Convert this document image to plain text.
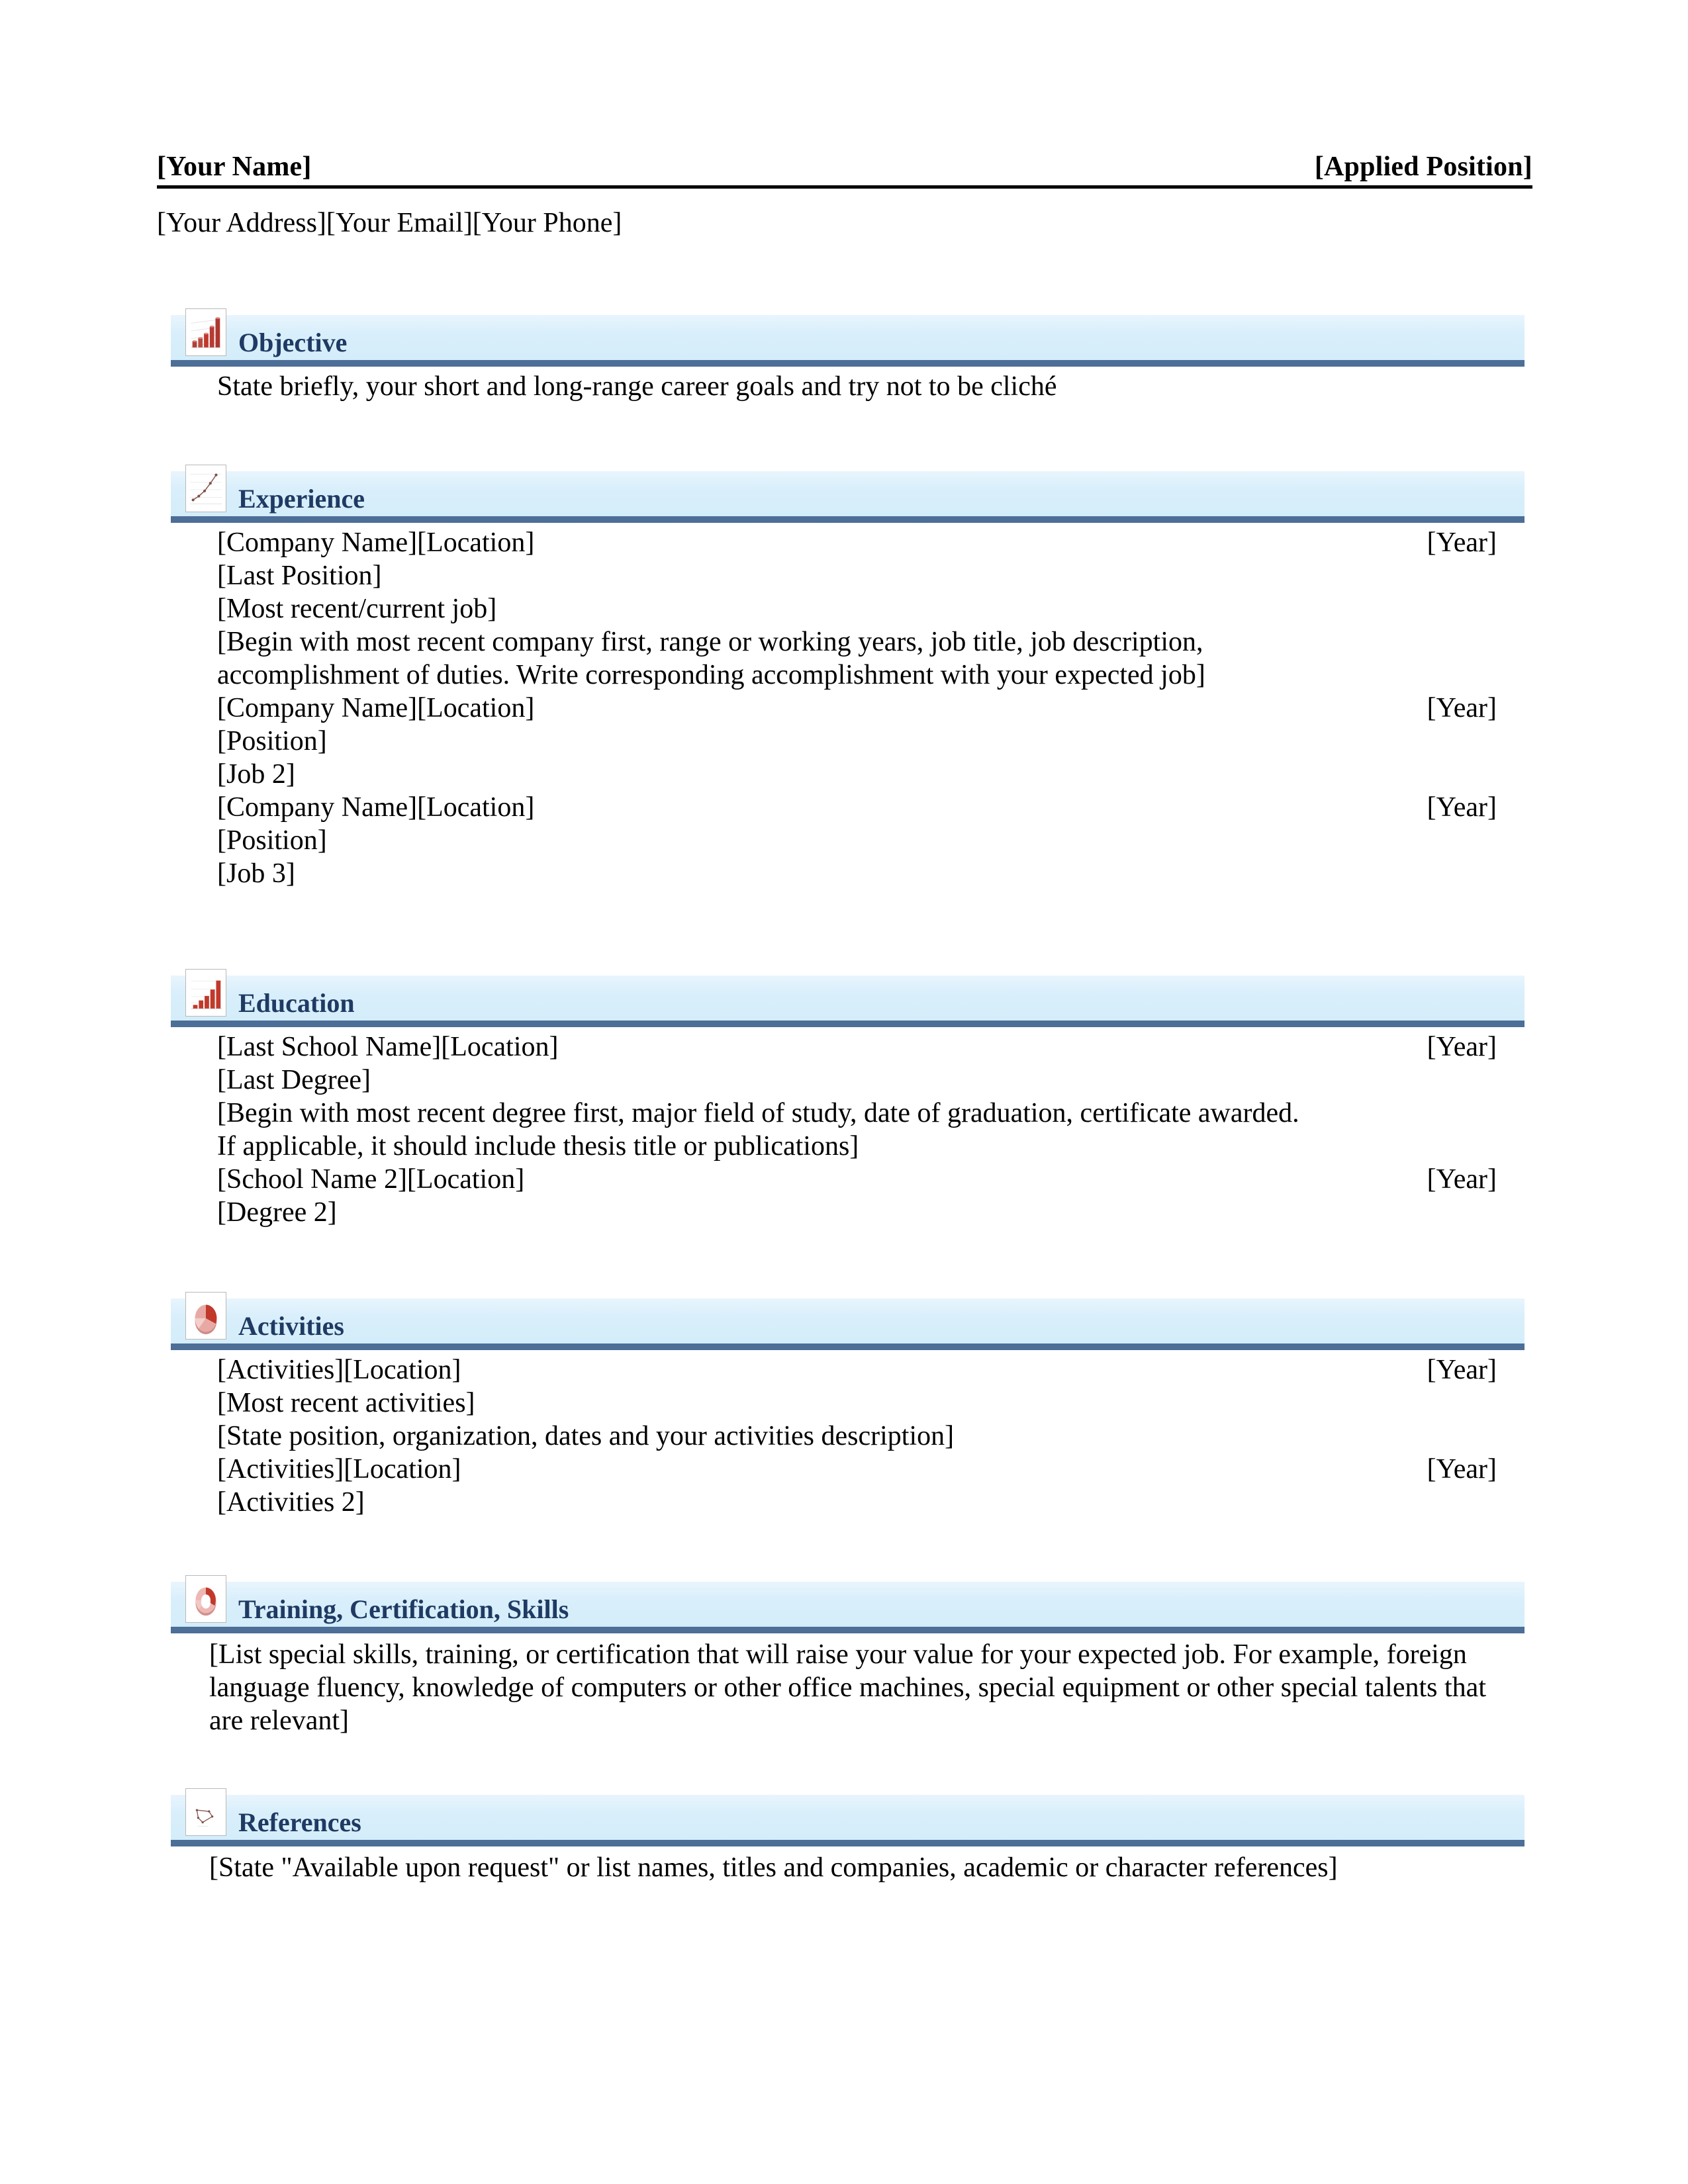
[Your Name]	[Applied Position]
[Your Address][Your Email][Your Phone]
Objective
State briefly, your short and long-range career goals and try not to be cliché
Experience
[Company Name][Location]	[Year]
[Last Position]
[Most recent/current job]
[Begin with most recent company first, range or working years, job title, job description, accomplishment of duties. Write corresponding accomplishment with your expected job]
[Company Name][Location]	[Year]
[Position]
[Job 2]
[Company Name][Location]	[Year]
[Position]
[Job 3]
Education
[Last School Name][Location]	[Year]
[Last Degree]
[Begin with most recent degree first, major field of study, date of graduation, certificate awarded. If applicable, it should include thesis title or publications]
[School Name 2][Location]	[Year]
[Degree 2]
Activities
[Activities][Location]	[Year]
[Most recent activities]
[State position, organization, dates and your activities description]
[Activities][Location]	[Year]
[Activities 2]
Training, Certification, Skills
[List special skills, training, or certification that will raise your value for your expected job. For example, foreign language fluency, knowledge of computers or other office machines, special equipment or other special talents that are relevant]
References
[State "Available upon request" or list names, titles and companies, academic or character references]
